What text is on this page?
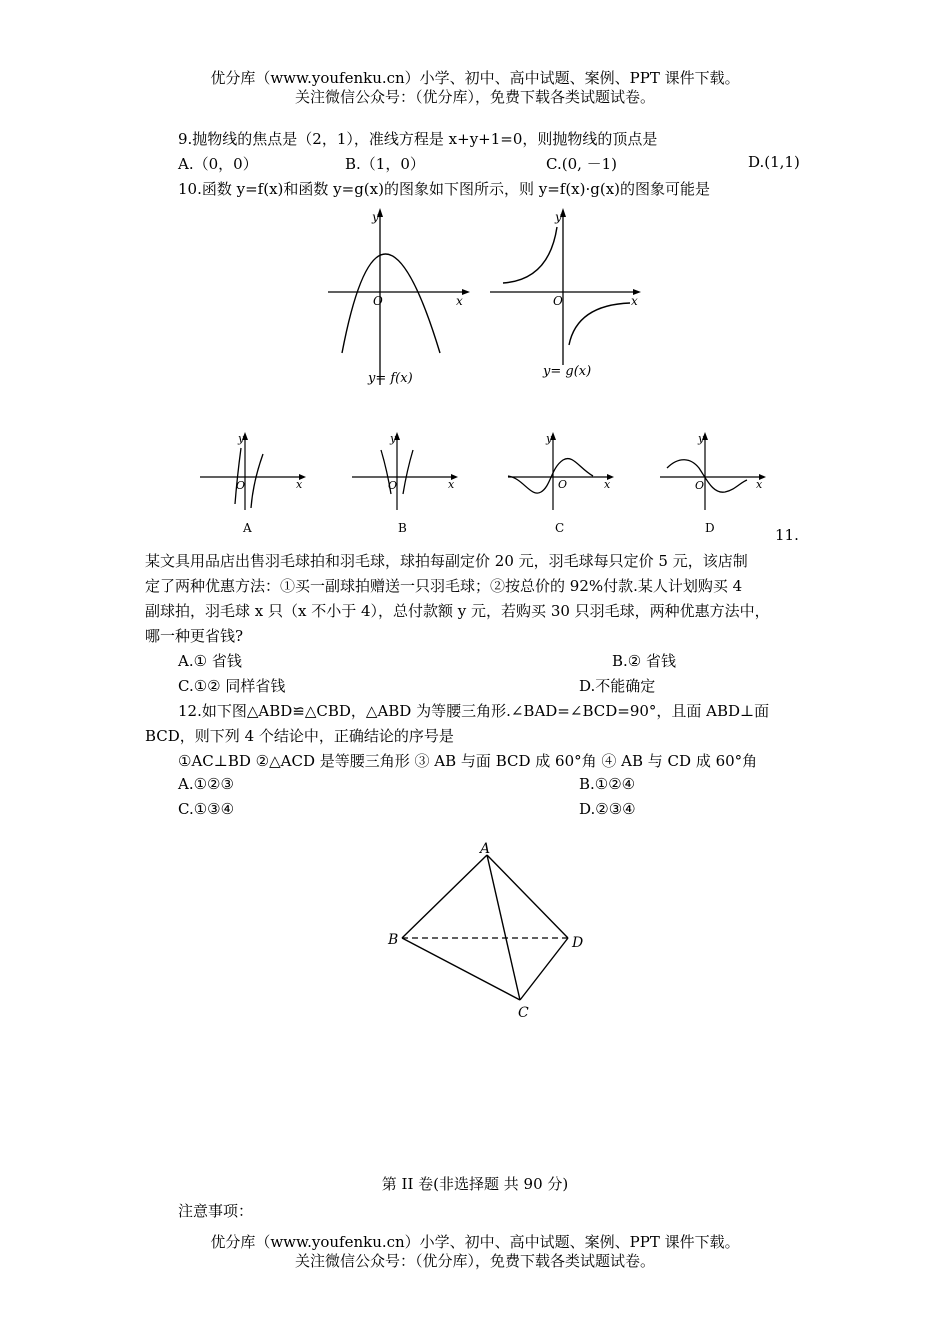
优分库（www.youfenku.cn）小学、初中、高中试题、案例、PPT 课件下载。
关注微信公众号：（优分库），免费下载各类试题试卷。
9.抛物线的焦点是（2，1），准线方程是 x+y+1=0，则抛物线的顶点是
A.（0，0）	B.（1，0）	C.(0, －1)	D.(1,1)
10.函数 y=f(x)和函数 y=g(x)的图象如下图所示，则 y=f(x)·g(x)的图象可能是
x
y
O
y= f(x)
x
y
O
y= g(x)
x
y
O
A
x
y
O
B
x
y
O
C
x
y
O
D	11.
某文具用品店出售羽毛球拍和羽毛球，球拍每副定价 20 元，羽毛球每只定价 5 元，该店制
定了两种优惠方法：①买一副球拍赠送一只羽毛球；②按总价的 92%付款.某人计划购买 4
副球拍，羽毛球 x 只（x 不小于 4），总付款额 y 元，若购买 30 只羽毛球，两种优惠方法中，
哪一种更省钱?
A.① 省钱	B.② 省钱
C.①② 同样省钱	D.不能确定
12.如下图△ABD≌△CBD，△ABD 为等腰三角形.∠BAD=∠BCD=90°，且面 ABD⊥面
BCD，则下列 4 个结论中，正确结论的序号是
①AC⊥BD ②△ACD 是等腰三角形 ③ AB 与面 BCD 成 60°角 ④ AB 与 CD 成 60°角
A.①②③	B.①②④
C.①③④	D.②③④
A
B	D
C
第 II 卷(非选择题 共 90 分)
注意事项：
优分库（www.youfenku.cn）小学、初中、高中试题、案例、PPT 课件下载。
关注微信公众号：（优分库），免费下载各类试题试卷。
